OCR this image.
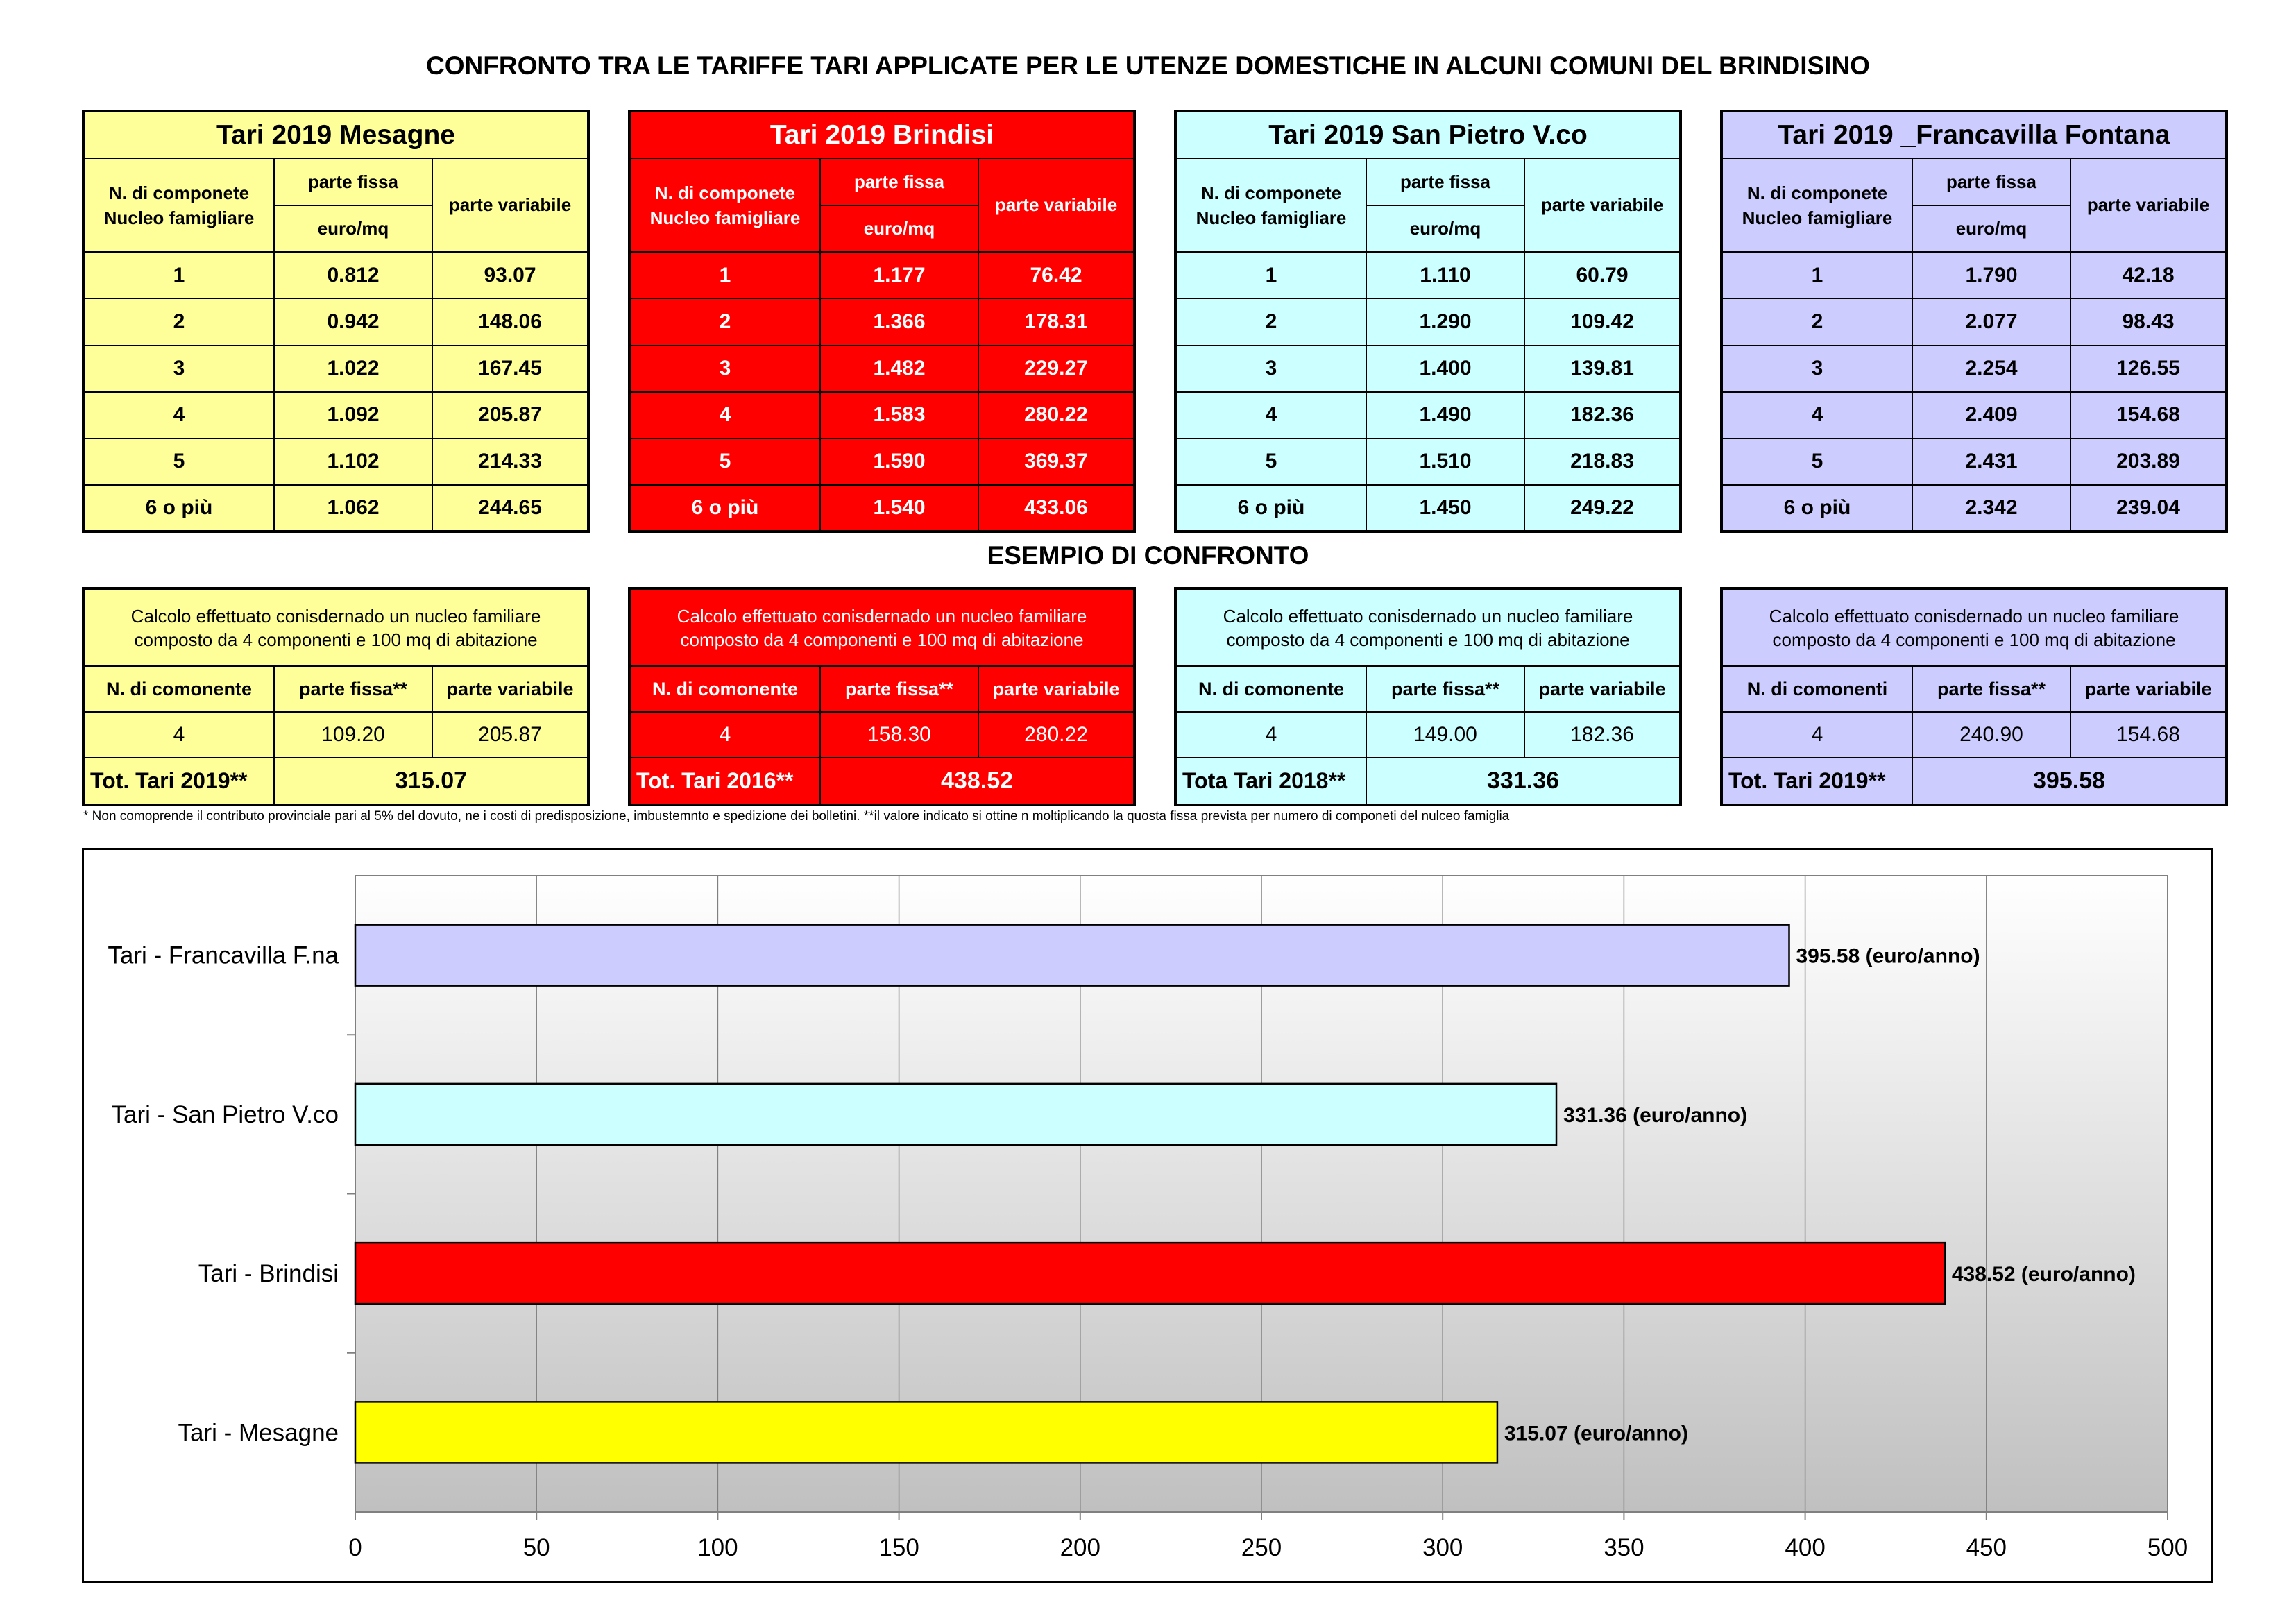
CONFRONTO TRA LE TARIFFE TARI APPLICATE PER LE UTENZE DOMESTICHE IN ALCUNI COMUNI DEL BRINDISINO
Tari 2019 Mesagne		
N. di componete Nucleo famigliare	parte fissa	parte variabile
	euro/mq	
1	0.812	93.07
2	0.942	148.06
3	1.022	167.45
4	1.092	205.87
5	1.102	214.33
6 o più	1.062	244.65
Tari 2019 Brindisi		
N. di componete Nucleo famigliare	parte fissa	parte variabile
	euro/mq	
1	1.177	76.42
2	1.366	178.31
3	1.482	229.27
4	1.583	280.22
5	1.590	369.37
6 o più	1.540	433.06
Tari 2019 San Pietro V.co		
N. di componete Nucleo famigliare	parte fissa	parte variabile
	euro/mq	
1	1.110	60.79
2	1.290	109.42
3	1.400	139.81
4	1.490	182.36
5	1.510	218.83
6 o più	1.450	249.22
Tari 2019 _Francavilla Fontana		
N. di componete Nucleo famigliare	parte fissa	parte variabile
	euro/mq	
1	1.790	42.18
2	2.077	98.43
3	2.254	126.55
4	2.409	154.68
5	2.431	203.89
6 o più	2.342	239.04
ESEMPIO DI CONFRONTO
Calcolo effettuato conisdernado un nucleo familiare composto da 4 componenti e 100 mq di abitazione		
N. di comonente	parte fissa**	parte variabile
4	109.20	205.87
Tot. Tari 2019**	315.07	
Calcolo effettuato conisdernado un nucleo familiare composto da 4 componenti e 100 mq di abitazione		
N. di comonente	parte fissa**	parte variabile
4	158.30	280.22
Tot. Tari 2016**	438.52	
Calcolo effettuato conisdernado un nucleo familiare composto da 4 componenti e 100 mq di abitazione		
N. di comonente	parte fissa**	parte variabile
4	149.00	182.36
Tota Tari 2018**	331.36	
Calcolo effettuato conisdernado un nucleo familiare composto da 4 componenti e 100 mq di abitazione		
N. di comonenti	parte fissa**	parte variabile
4	240.90	154.68
Tot. Tari 2019**	395.58	
* Non comoprende il contributo provinciale pari al 5% del dovuto, ne i costi di predisposizione, imbustemnto e spedizione dei bolletini. **il valore indicato si ottine n moltiplicando la quosta fissa prevista per numero di componeti del nulceo famiglia
0	50	100	150	200	250	300	350	400	450	500
Tari - Francavilla F.na	395.58 (euro/anno)
Tari - San Pietro V.co	331.36 (euro/anno)
Tari - Brindisi	438.52 (euro/anno)
Tari - Mesagne	315.07 (euro/anno)
